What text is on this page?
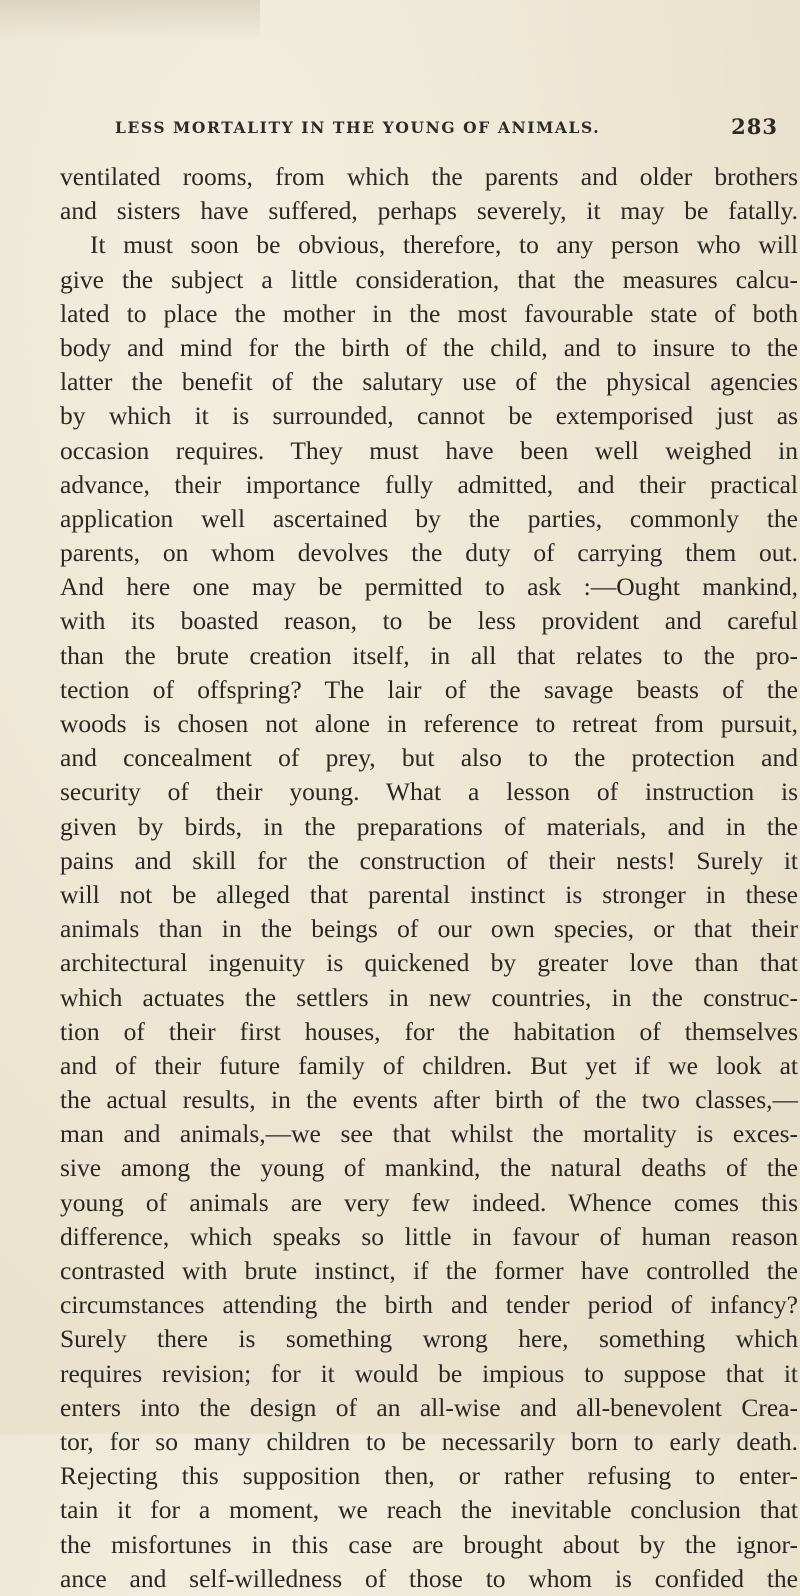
LESS MORTALITY IN THE YOUNG OF ANIMALS.	283
ventilated rooms, from which the parents and older brothers
and sisters have suffered, perhaps severely, it may be fatally.
It must soon be obvious, therefore, to any person who will
give the subject a little consideration, that the measures calcu-
lated to place the mother in the most favourable state of both
body and mind for the birth of the child, and to insure to the
latter the benefit of the salutary use of the physical agencies
by which it is surrounded, cannot be extemporised just as
occasion requires. They must have been well weighed in
advance, their importance fully admitted, and their practical
application well ascertained by the parties, commonly the
parents, on whom devolves the duty of carrying them out.
And here one may be permitted to ask :—Ought mankind,
with its boasted reason, to be less provident and careful
than the brute creation itself, in all that relates to the pro-
tection of offspring? The lair of the savage beasts of the
woods is chosen not alone in reference to retreat from pursuit,
and concealment of prey, but also to the protection and
security of their young. What a lesson of instruction is
given by birds, in the preparations of materials, and in the
pains and skill for the construction of their nests! Surely it
will not be alleged that parental instinct is stronger in these
animals than in the beings of our own species, or that their
architectural ingenuity is quickened by greater love than that
which actuates the settlers in new countries, in the construc-
tion of their first houses, for the habitation of themselves
and of their future family of children. But yet if we look at
the actual results, in the events after birth of the two classes,—
man and animals,—we see that whilst the mortality is exces-
sive among the young of mankind, the natural deaths of the
young of animals are very few indeed. Whence comes this
difference, which speaks so little in favour of human reason
contrasted with brute instinct, if the former have controlled the
circumstances attending the birth and tender period of infancy?
Surely there is something wrong here, something which
requires revision; for it would be impious to suppose that it
enters into the design of an all-wise and all-benevolent Crea-
tor, for so many children to be necessarily born to early death.
Rejecting this supposition then, or rather refusing to enter-
tain it for a moment, we reach the inevitable conclusion that
the misfortunes in this case are brought about by the ignor-
ance and self-willedness of those to whom is confided the
